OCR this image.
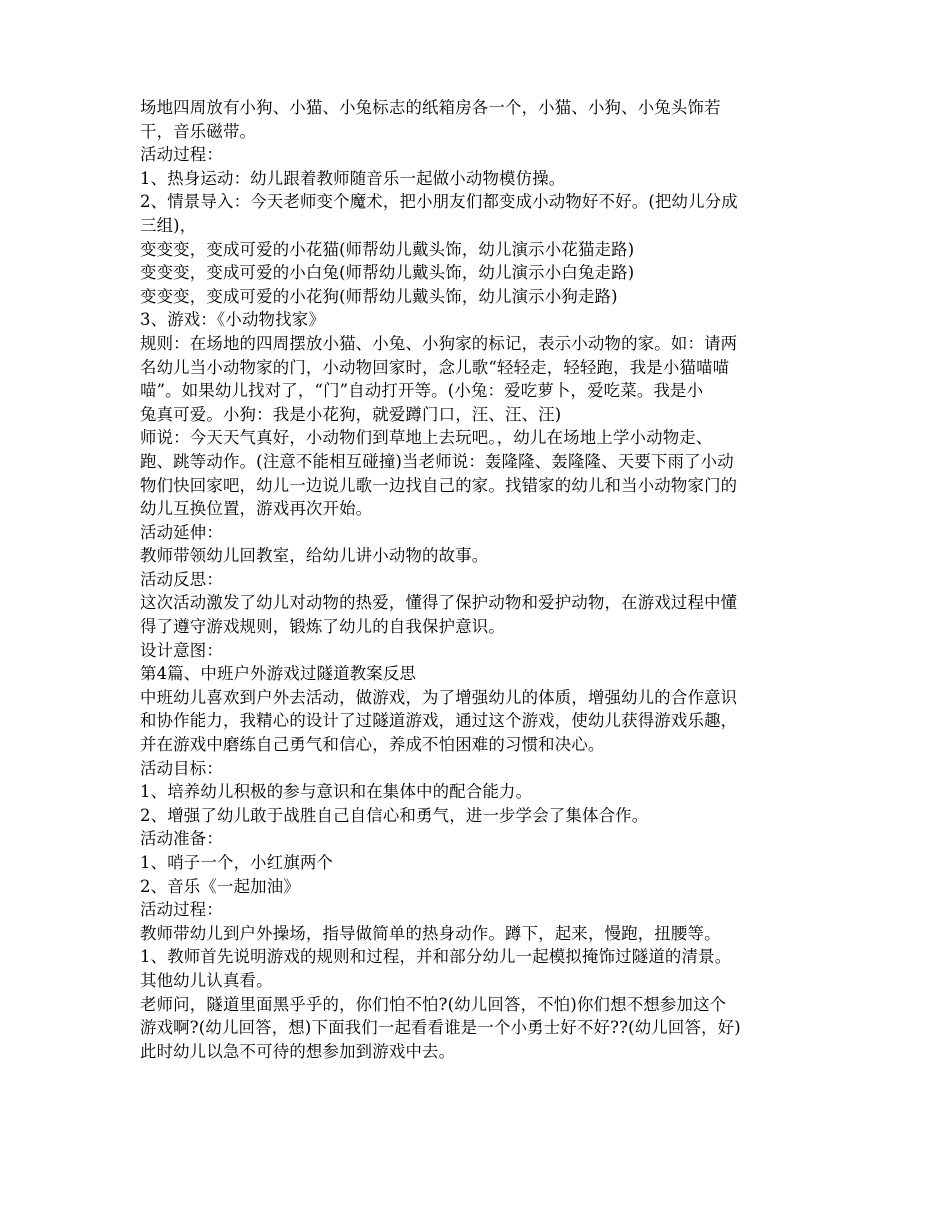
场地四周放有小狗、小猫、小兔标志的纸箱房各一个，小猫、小狗、小兔头饰若
干，音乐磁带。
活动过程：
1、热身运动：幼儿跟着教师随音乐一起做小动物模仿操。
2、情景导入：今天老师变个魔术，把小朋友们都变成小动物好不好。(把幼儿分成
三组)，
变变变，变成可爱的小花猫(师帮幼儿戴头饰，幼儿演示小花猫走路)
变变变，变成可爱的小白兔(师帮幼儿戴头饰，幼儿演示小白兔走路)
变变变，变成可爱的小花狗(师帮幼儿戴头饰，幼儿演示小狗走路)
3、游戏：《小动物找家》
规则：在场地的四周摆放小猫、小兔、小狗家的标记，表示小动物的家。如：请两
名幼儿当小动物家的门，小动物回家时，念儿歌“轻轻走，轻轻跑，我是小猫喵喵
喵”。如果幼儿找对了，“门”自动打开等。(小兔：爱吃萝卜，爱吃菜。我是小
兔真可爱。小狗：我是小花狗，就爱蹲门口，汪、汪、汪)
师说：今天天气真好，小动物们到草地上去玩吧。，幼儿在场地上学小动物走、
跑、跳等动作。(注意不能相互碰撞)当老师说：轰隆隆、轰隆隆、天要下雨了小动
物们快回家吧，幼儿一边说儿歌一边找自己的家。找错家的幼儿和当小动物家门的
幼儿互换位置，游戏再次开始。
活动延伸：
教师带领幼儿回教室，给幼儿讲小动物的故事。
活动反思：
这次活动激发了幼儿对动物的热爱，懂得了保护动物和爱护动物，在游戏过程中懂
得了遵守游戏规则，锻炼了幼儿的自我保护意识。
设计意图：
第4篇、中班户外游戏过隧道教案反思
中班幼儿喜欢到户外去活动，做游戏，为了增强幼儿的体质，增强幼儿的合作意识
和协作能力，我精心的设计了过隧道游戏，通过这个游戏，使幼儿获得游戏乐趣，
并在游戏中磨练自己勇气和信心，养成不怕困难的习惯和决心。
活动目标：
1、培养幼儿积极的参与意识和在集体中的配合能力。
2、增强了幼儿敢于战胜自己自信心和勇气，进一步学会了集体合作。
活动准备：
1、哨子一个，小红旗两个
2、音乐《一起加油》
活动过程：
教师带幼儿到户外操场，指导做简单的热身动作。蹲下，起来，慢跑，扭腰等。
1、教师首先说明游戏的规则和过程，并和部分幼儿一起模拟掩饰过隧道的清景。
其他幼儿认真看。
老师问，隧道里面黑乎乎的，你们怕不怕?(幼儿回答，不怕)你们想不想参加这个
游戏啊?(幼儿回答，想)下面我们一起看看谁是一个小勇士好不好??(幼儿回答，好)
此时幼儿以急不可待的想参加到游戏中去。
